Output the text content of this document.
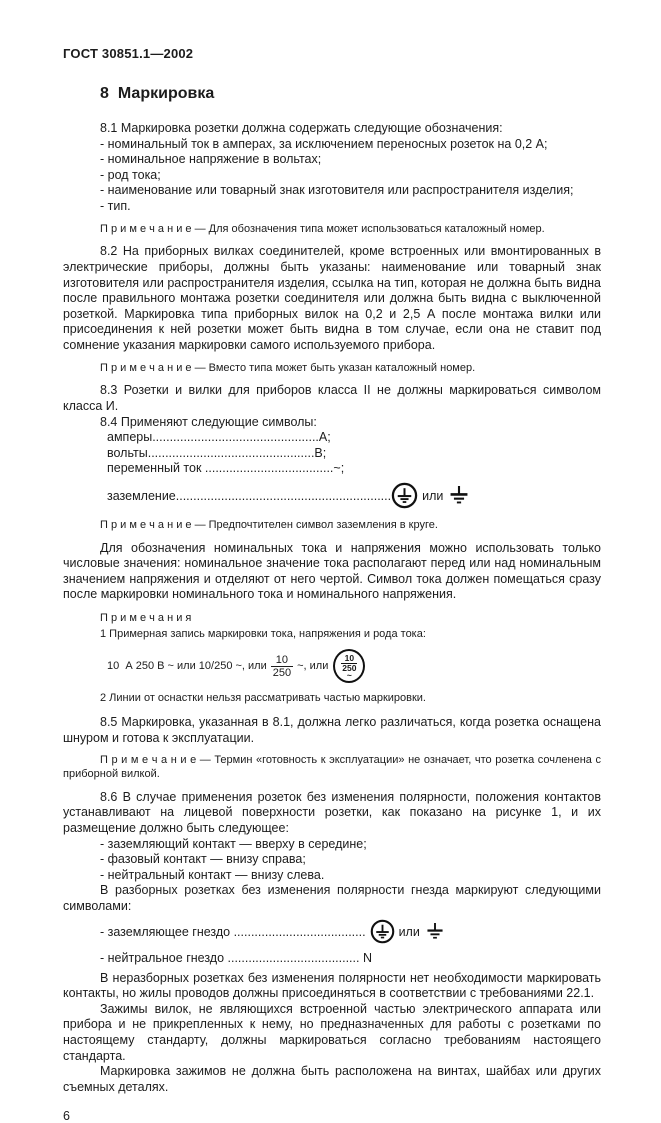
ГОСТ 30851.1—2002
8 Маркировка

8.1 Маркировка розетки должна содержать следующие обозначения:

- номинальный ток в амперах, за исключением переносных розеток на 0,2 А;
- номинальное напряжение в вольтах;
- род тока;
- наименование или товарный знак изготовителя или распространителя изделия;
- тип.

П р и м е ч а н и е — Для обозначения типа может использоваться каталожный номер.

8.2 На приборных вилках соединителей, кроме встроенных или вмонтированных в электрические приборы, должны быть указаны: наименование или товарный знак изготовителя или распространителя изделия, ссылка на тип, которая не должна быть видна после правильного монтажа розетки соединителя или должна быть видна с выключенной розеткой. Маркировка типа приборных вилок на 0,2 и 2,5 А после монтажа вилки или присоединения к ней розетки может быть видна в том случае, если она не ставит под сомнение указания маркировки самого используемого прибора.

П р и м е ч а н и е — Вместо типа может быть указан каталожный номер.

8.3 Розетки и вилки для приборов класса II не должны маркироваться символом класса И.

8.4 Применяют следующие символы:

амперы................................................А;
вольты................................................В;
переменный ток .....................................~;
заземление.............................................................. или

П р и м е ч а н и е — Предпочтителен символ заземления в круге.

Для обозначения номинальных тока и напряжения можно использовать только числовые значения: номинальное значение тока располагают перед или над номинальным значением напряжения и отделяют от него чертой. Символ тока должен помещаться сразу после маркировки номинального тока и номинального напряжения.

П р и м е ч а н и я
1 Примерная запись маркировки тока, напряжения и рода тока:
10  А 250 В ~ или 10/250 ~, или $\frac{10}{250}$ ~, или
10
250
~
2 Линии от оснастки нельзя рассматривать частью маркировки.

8.5 Маркировка, указанная в 8.1, должна легко различаться, когда розетка оснащена шнуром и готова к эксплуатации.

П р и м е ч а н и е — Термин «готовность к эксплуатации» не означает, что розетка сочленена с приборной вилкой.

8.6 В случае применения розеток без изменения полярности, положения контактов устанавливают на лицевой поверхности розетки, как показано на рисунке 1, и их размещение должно быть следующее:

- заземляющий контакт — вверху в середине;
- фазовый контакт — внизу справа;
- нейтральный контакт — внизу слева.

В разборных розетках без изменения полярности гнезда маркируют следующими символами:

- заземляющее гнездо ......................................	или
- нейтральное гнездо ...................................... N

В неразборных розетках без изменения полярности нет необходимости маркировать контакты, но жилы проводов должны присоединяться в соответствии с требованиями 22.1.

Зажимы вилок, не являющихся встроенной частью электрического аппарата или прибора и не прикрепленных к нему, но предназначенных для работы с розетками по настоящему стандарту, должны маркироваться согласно требованиям настоящего стандарта.

Маркировка зажимов не должна быть расположена на винтах, шайбах или других съемных деталях.

6
